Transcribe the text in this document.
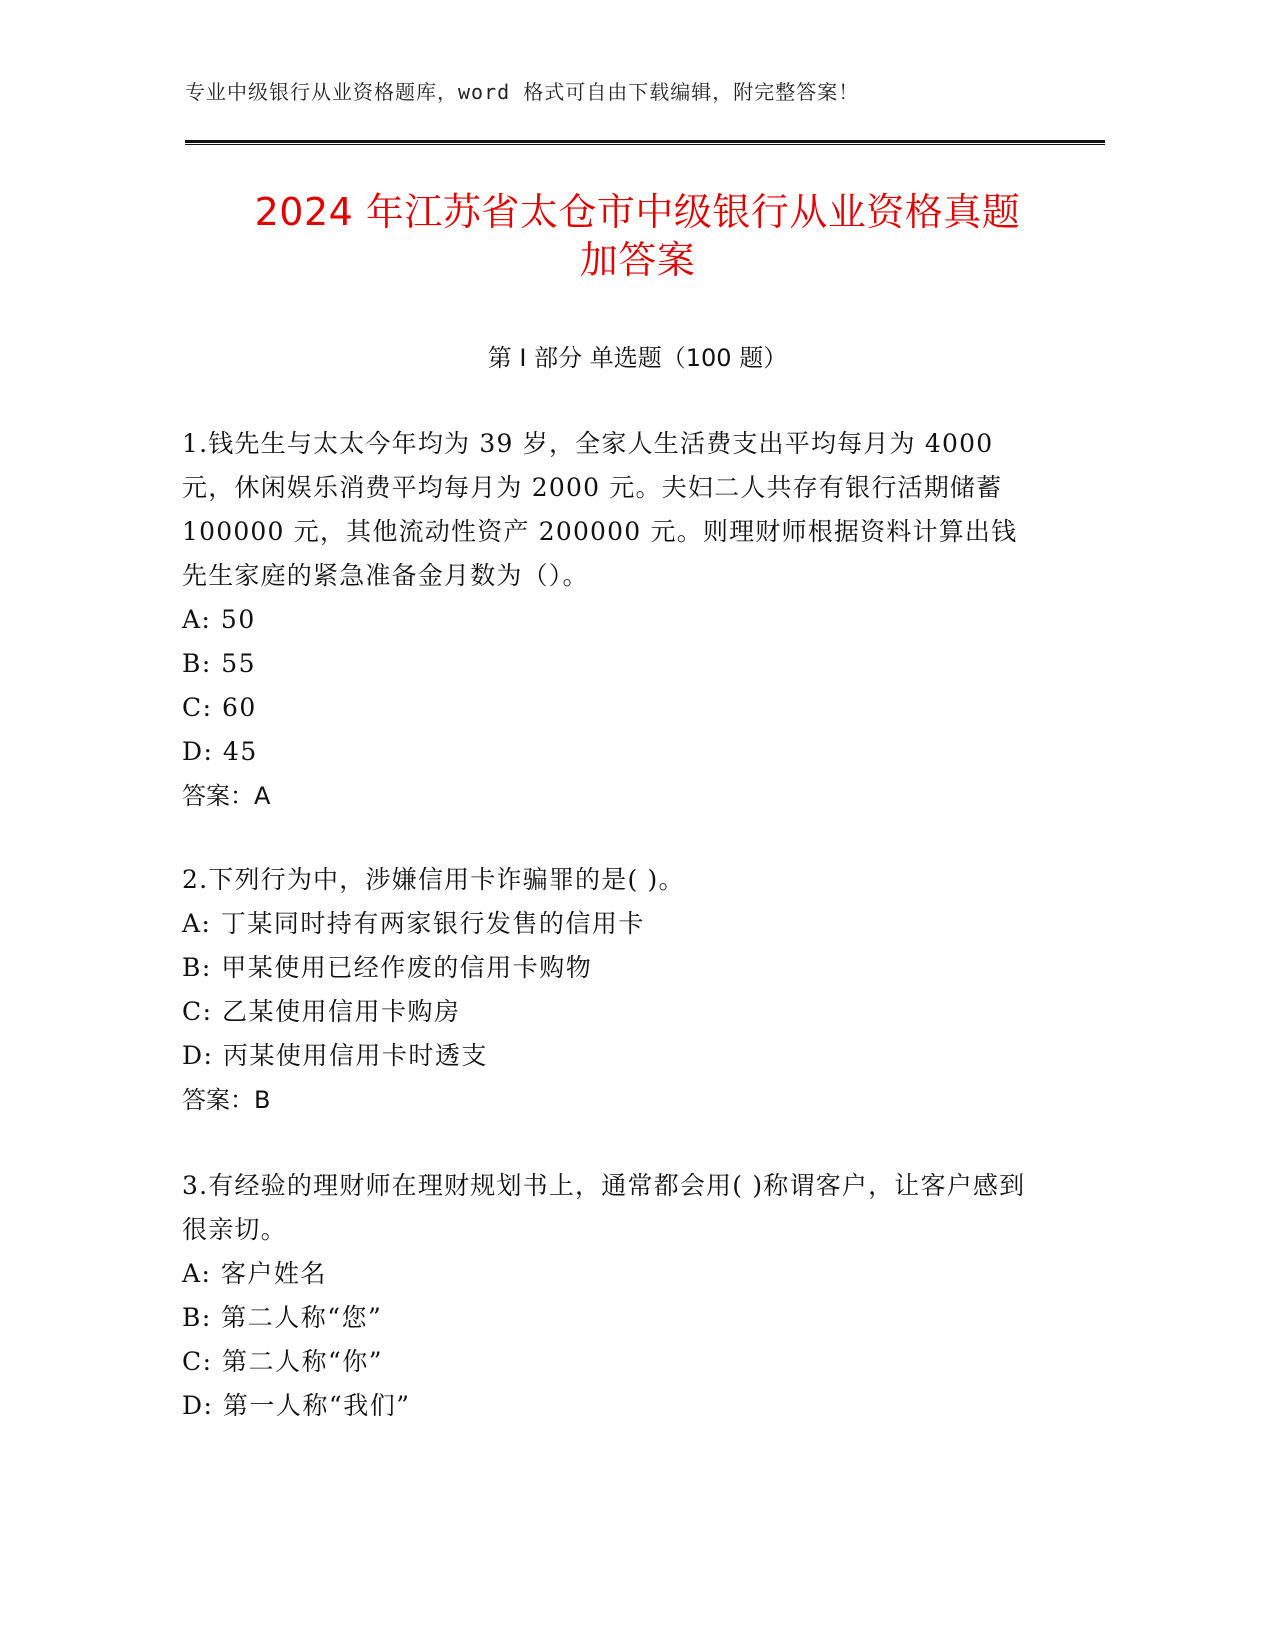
专业中级银行从业资格题库，word 格式可自由下载编辑，附完整答案！
2024 年江苏省太仓市中级银行从业资格真题
加答案
第 I 部分 单选题（100 题）

1.钱先生与太太今年均为 39 岁，全家人生活费支出平均每月为 4000 元，休闲娱乐消费平均每月为 2000 元。夫妇二人共存有银行活期储蓄 100000 元，其他流动性资产 200000 元。则理财师根据资料计算出钱先生家庭的紧急准备金月数为（）。

A: 50
B: 55
C: 60
D: 45
答案：A

2.下列行为中，涉嫌信用卡诈骗罪的是( )。

A: 丁某同时持有两家银行发售的信用卡
B: 甲某使用已经作废的信用卡购物
C: 乙某使用信用卡购房
D: 丙某使用信用卡时透支
答案：B

3.有经验的理财师在理财规划书上，通常都会用( )称谓客户，让客户感到很亲切。

A: 客户姓名
B: 第二人称“您”
C: 第二人称“你”
D: 第一人称“我们”
